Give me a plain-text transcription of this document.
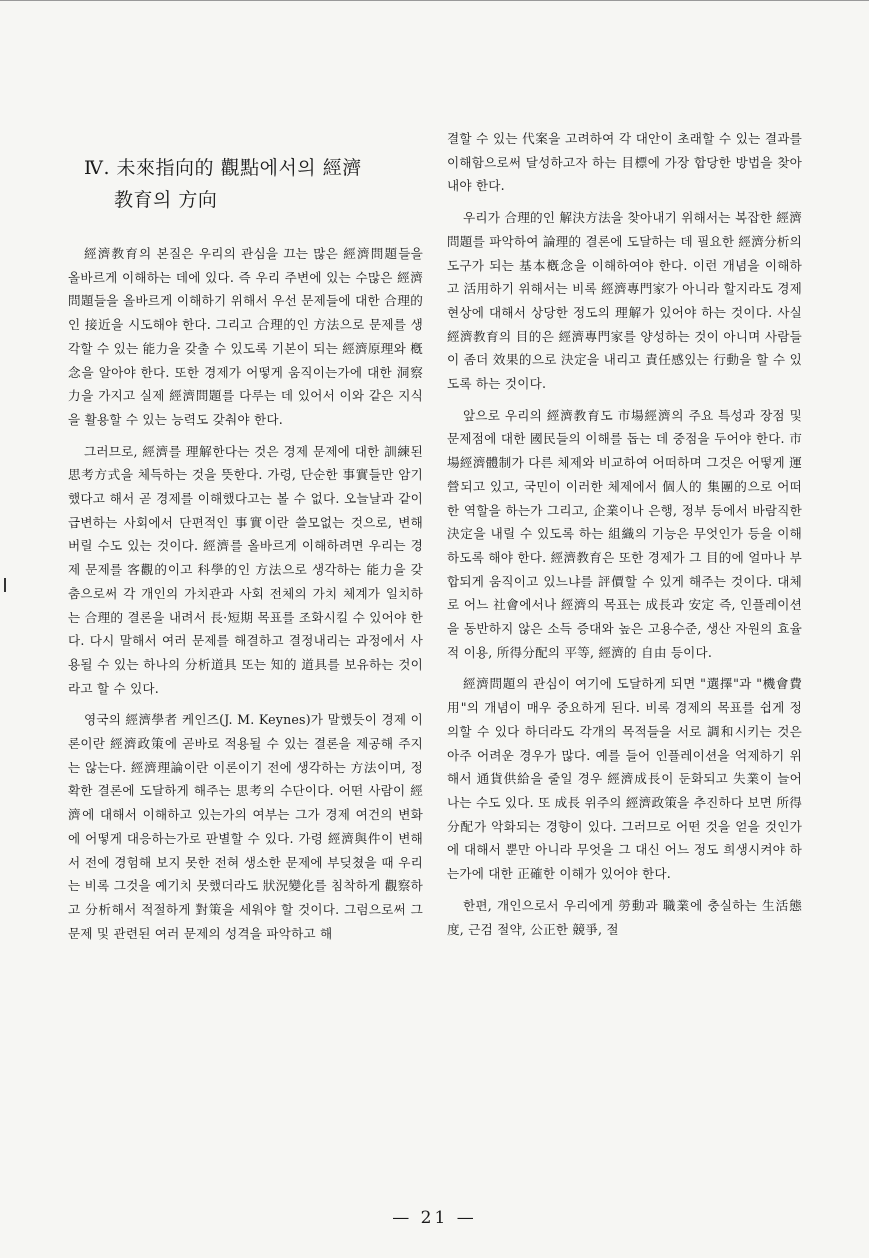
Ⅳ. 未來指向的 觀點에서의 經濟
教育의 方向

經濟教育의 본질은 우리의 관심을 끄는 많은 經濟問題들을 올바르게 이해하는 데에 있다. 즉 우리 주변에 있는 수많은 經濟問題들을 올바르게 이해하기 위해서 우선 문제들에 대한 合理的인 接近을 시도해야 한다. 그리고 合理的인 方法으로 문제를 생각할 수 있는 能力을 갖출 수 있도록 기본이 되는 經濟原理와 槪念을 알아야 한다. 또한 경제가 어떻게 움직이는가에 대한 洞察力을 가지고 실제 經濟問題를 다루는 데 있어서 이와 같은 지식을 활용할 수 있는 능력도 갖춰야 한다.

그러므로, 經濟를 理解한다는 것은 경제 문제에 대한 訓練된 思考方式을 체득하는 것을 뜻한다. 가령, 단순한 事實들만 암기했다고 해서 곧 경제를 이해했다고는 볼 수 없다. 오늘날과 같이 급변하는 사회에서 단편적인 事實이란 쓸모없는 것으로, 변해 버릴 수도 있는 것이다. 經濟를 올바르게 이해하려면 우리는 경제 문제를 客觀的이고 科學的인 方法으로 생각하는 能力을 갖춤으로써 각 개인의 가치관과 사회 전체의 가치 체계가 일치하는 合理的 결론을 내려서 長·短期 목표를 조화시킬 수 있어야 한다. 다시 말해서 여러 문제를 해결하고 결정내리는 과정에서 사용될 수 있는 하나의 分析道具 또는 知的 道具를 보유하는 것이라고 할 수 있다.

영국의 經濟學者 케인즈(J. M. Keynes)가 말했듯이 경제 이론이란 經濟政策에 곧바로 적용될 수 있는 결론을 제공해 주지는 않는다. 經濟理論이란 이론이기 전에 생각하는 方法이며, 정확한 결론에 도달하게 해주는 思考의 수단이다. 어떤 사람이 經濟에 대해서 이해하고 있는가의 여부는 그가 경제 여건의 변화에 어떻게 대응하는가로 판별할 수 있다. 가령 經濟與件이 변해서 전에 경험해 보지 못한 전혀 생소한 문제에 부딪쳤을 때 우리는 비록 그것을 예기치 못했더라도 狀況變化를 침착하게 觀察하고 分析해서 적절하게 對策을 세워야 할 것이다. 그럼으로써 그 문제 및 관련된 여러 문제의 성격을 파악하고 해

결할 수 있는 代案을 고려하여 각 대안이 초래할 수 있는 결과를 이해함으로써 달성하고자 하는 目標에 가장 합당한 방법을 찾아내야 한다.

우리가 合理的인 解決方法을 찾아내기 위해서는 복잡한 經濟問題를 파악하여 論理的 결론에 도달하는 데 필요한 經濟分析의 도구가 되는 基本槪念을 이해하여야 한다. 이런 개념을 이해하고 活用하기 위해서는 비록 經濟專門家가 아니라 할지라도 경제 현상에 대해서 상당한 정도의 理解가 있어야 하는 것이다. 사실 經濟教育의 目的은 經濟專門家를 양성하는 것이 아니며 사람들이 좀더 效果的으로 決定을 내리고 責任感있는 行動을 할 수 있도록 하는 것이다.

앞으로 우리의 經濟教育도 市場經濟의 주요 특성과 장점 및 문제점에 대한 國民들의 이해를 돕는 데 중점을 두어야 한다. 市場經濟體制가 다른 체제와 비교하여 어떠하며 그것은 어떻게 運營되고 있고, 국민이 이러한 체제에서 個人的 集團的으로 어떠한 역할을 하는가 그리고, 企業이나 은행, 정부 등에서 바람직한 決定을 내릴 수 있도록 하는 組織의 기능은 무엇인가 등을 이해하도록 해야 한다. 經濟教育은 또한 경제가 그 目的에 얼마나 부합되게 움직이고 있느냐를 評價할 수 있게 해주는 것이다. 대체로 어느 社會에서나 經濟의 목표는 成長과 安定 즉, 인플레이션을 동반하지 않은 소득 증대와 높은 고용수준, 생산 자원의 효율적 이용, 所得分配의 平等, 經濟的 自由 등이다.

經濟問題의 관심이 여기에 도달하게 되면 "選擇"과 "機會費用"의 개념이 매우 중요하게 된다. 비록 경제의 목표를 쉽게 정의할 수 있다 하더라도 각개의 목적들을 서로 調和시키는 것은 아주 어려운 경우가 많다. 예를 들어 인플레이션을 억제하기 위해서 通貨供給을 줄일 경우 經濟成長이 둔화되고 失業이 늘어나는 수도 있다. 또 成長 위주의 經濟政策을 추진하다 보면 所得分配가 악화되는 경향이 있다. 그러므로 어떤 것을 얻을 것인가에 대해서 뿐만 아니라 무엇을 그 대신 어느 정도 희생시켜야 하는가에 대한 正確한 이해가 있어야 한다.

한편, 개인으로서 우리에게 勞動과 職業에 충실하는 生活態度, 근검 절약, 公正한 競爭, 절

— 21 —
